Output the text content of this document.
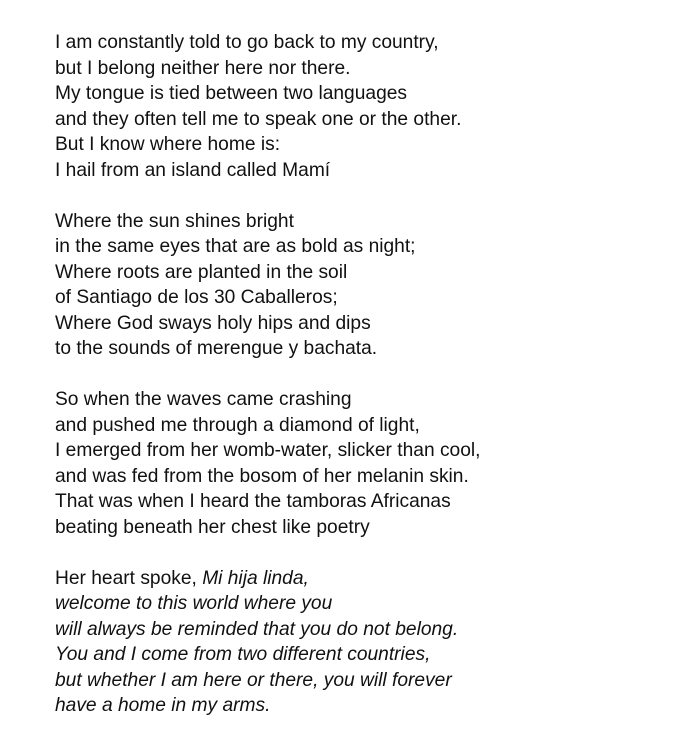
I am constantly told to go back to my country,
but I belong neither here nor there.
My tongue is tied between two languages
and they often tell me to speak one or the other.
But I know where home is:
I hail from an island called Mamí
Where the sun shines bright
in the same eyes that are as bold as night;
Where roots are planted in the soil
of Santiago de los 30 Caballeros;
Where God sways holy hips and dips
to the sounds of merengue y bachata.
So when the waves came crashing
and pushed me through a diamond of light,
I emerged from her womb-water, slicker than cool,
and was fed from the bosom of her melanin skin.
That was when I heard the tamboras Africanas
beating beneath her chest like poetry
Her heart spoke, Mi hija linda,
welcome to this world where you
will always be reminded that you do not belong.
You and I come from two different countries,
but whether I am here or there, you will forever
have a home in my arms.
